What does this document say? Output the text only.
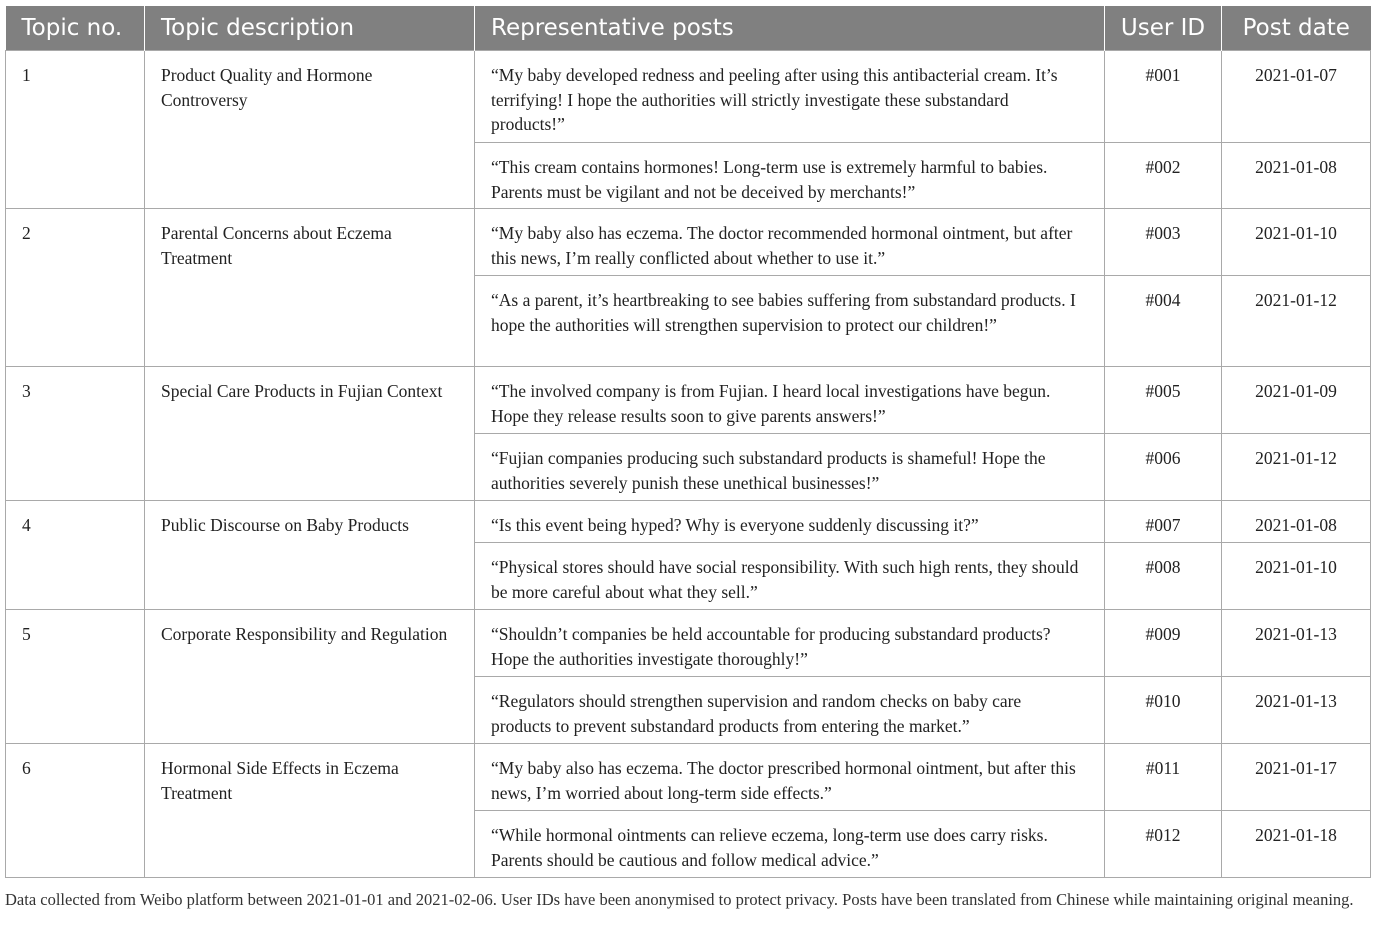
Topic no.	Topic description	Representative posts	User ID	Post date
1	Product Quality and Hormone Controversy	“My baby developed redness and peeling after using this antibacterial cream. It’s terrifying! I hope the authorities will strictly investigate these substandard products!”	#001	2021-01-07
		“This cream contains hormones! Long-term use is extremely harmful to babies. Parents must be vigilant and not be deceived by merchants!”	#002	2021-01-08
2	Parental Concerns about Eczema Treatment	“My baby also has eczema. The doctor recommended hormonal ointment, but after this news, I’m really conflicted about whether to use it.”	#003	2021-01-10
		“As a parent, it’s heartbreaking to see babies suffering from substandard products. I hope the authorities will strengthen supervision to protect our children!”	#004	2021-01-12
3	Special Care Products in Fujian Context	“The involved company is from Fujian. I heard local investigations have begun. Hope they release results soon to give parents answers!”	#005	2021-01-09
		“Fujian companies producing such substandard products is shameful! Hope the authorities severely punish these unethical businesses!”	#006	2021-01-12
4	Public Discourse on Baby Products	“Is this event being hyped? Why is everyone suddenly discussing it?”	#007	2021-01-08
		“Physical stores should have social responsibility. With such high rents, they should be more careful about what they sell.”	#008	2021-01-10
5	Corporate Responsibility and Regulation	“Shouldn’t companies be held accountable for producing substandard products? Hope the authorities investigate thoroughly!”	#009	2021-01-13
		“Regulators should strengthen supervision and random checks on baby care products to prevent substandard products from entering the market.”	#010	2021-01-13
6	Hormonal Side Effects in Eczema Treatment	“My baby also has eczema. The doctor prescribed hormonal ointment, but after this news, I’m worried about long-term side effects.”	#011	2021-01-17
		“While hormonal ointments can relieve eczema, long-term use does carry risks. Parents should be cautious and follow medical advice.”	#012	2021-01-18
Data collected from Weibo platform between 2021-01-01 and 2021-02-06. User IDs have been anonymised to protect privacy. Posts have been translated from Chinese while maintaining original meaning.
